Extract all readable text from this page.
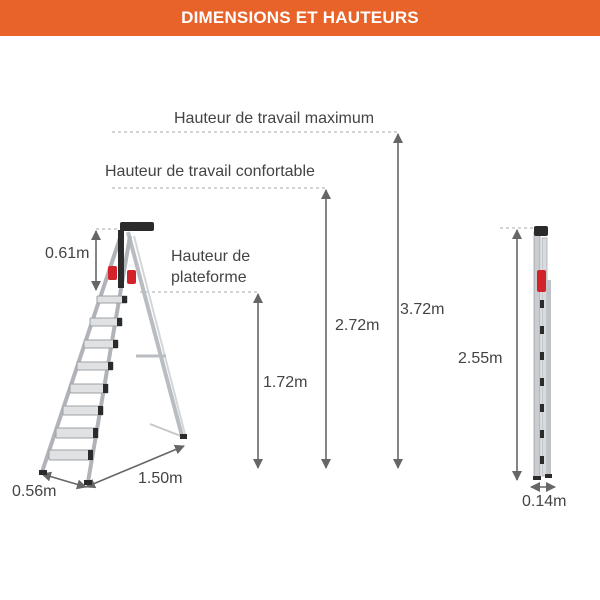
DIMENSIONS ET HAUTEURS
Hauteur de travail maximum
Hauteur de travail confortable
Hauteur de
plateforme
0.61m
1.72m
2.72m
3.72m
1.50m
0.56m
2.55m
0.14m
